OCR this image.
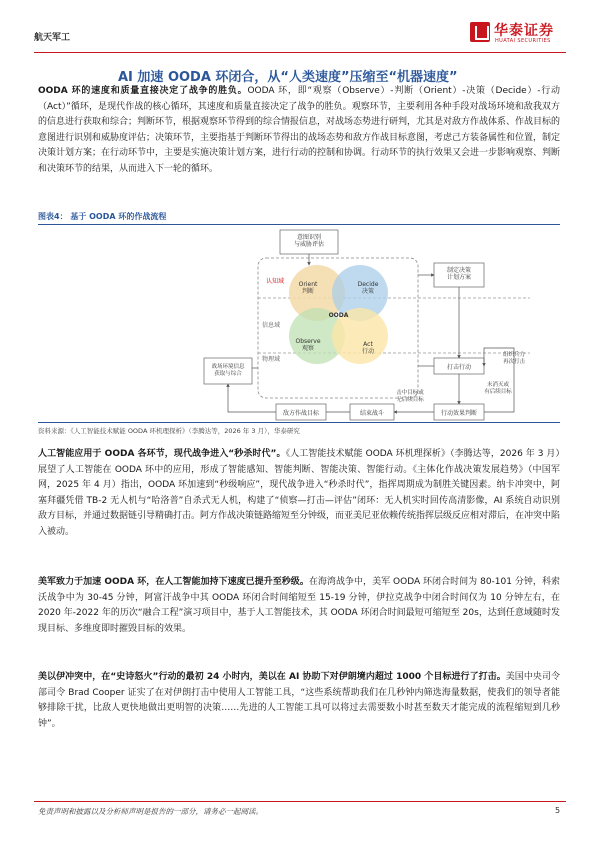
航天军工	华泰证券
HUATAI SECURITIES
AI 加速 OODA 环闭合，从“人类速度”压缩至“机器速度”
OODA 环的速度和质量直接决定了战争的胜负。OODA 环，即“观察（Observe）-判断（Orient）-决策（Decide）-行动（Act）”循环，是现代作战的核心循环，其速度和质量直接决定了战争的胜负。观察环节，主要利用各种手段对战场环境和敌我双方的信息进行获取和综合；判断环节，根据观察环节得到的综合情报信息，对战场态势进行研判，尤其是对敌方作战体系、作战目标的意图进行识别和威胁度评估；决策环节，主要指基于判断环节得出的战场态势和敌方作战目标意图，考虑己方装备属性和位置，制定决策计划方案；在行动环节中，主要是实施决策计划方案，进行行动的控制和协调。行动环节的执行效果又会进一步影响观察、判断和决策环节的结果，从而进入下一轮的循环。
图表4： 基于 OODA 环的作战流程
Orient 判断
Decide 决策
Observe 观察
Act 行动
OODA
认知域
信息域
物理域
意图识别与威胁评估
制定决策计划方案
打击行动
战场环境信息获取与综合
行动效果判断
结束战斗
敌方作战目标
组织兵力再次打击
未消灭或有后续目标
击中目标或无后续目标
资料来源：《人工智能技术赋能 OODA 环机理探析》（李腾达等，2026 年 3 月），华泰研究
人工智能应用于 OODA 各环节，现代战争进入“秒杀时代”。《人工智能技术赋能 OODA 环机理探析》（李腾达等，2026 年 3 月）展望了人工智能在 OODA 环中的应用，形成了智能感知、智能判断、智能决策、智能行动。《主体化作战决策发展趋势》（中国军网，2025 年 4 月）指出，OODA 环加速到“秒级响应”，现代战争进入“秒杀时代”，指挥周期成为制胜关键因素。纳卡冲突中，阿塞拜疆凭借 TB-2 无人机与“哈洛普”自杀式无人机，构建了“侦察—打击—评估”闭环：无人机实时回传高清影像，AI 系统自动识别敌方目标，并通过数据链引导精确打击。阿方作战决策链路缩短至分钟级，而亚美尼亚依赖传统指挥层级反应相对滞后，在冲突中陷入被动。
美军致力于加速 OODA 环，在人工智能加持下速度已提升至秒级。在海湾战争中，美军 OODA 环闭合时间为 80-101 分钟，科索沃战争中为 30-45 分钟，阿富汗战争中其 OODA 环闭合时间缩短至 15-19 分钟，伊拉克战争中闭合时间仅为 10 分钟左右，在 2020 年-2022 年的历次“融合工程”演习项目中，基于人工智能技术，其 OODA 环闭合时间最短可缩短至 20s，达到任意域随时发现目标、多维度即时摧毁目标的效果。
美以伊冲突中，在“史诗怒火”行动的最初 24 小时内，美以在 AI 协助下对伊朗境内超过 1000 个目标进行了打击。美国中央司令部司令 Brad Cooper 证实了在对伊朗打击中使用人工智能工具，“这些系统帮助我们在几秒钟内筛选海量数据，使我们的领导者能够排除干扰，比敌人更快地做出更明智的决策……先进的人工智能工具可以将过去需要数小时甚至数天才能完成的流程缩短到几秒钟”。
免责声明和披露以及分析师声明是报告的一部分，请务必一起阅读。	5
